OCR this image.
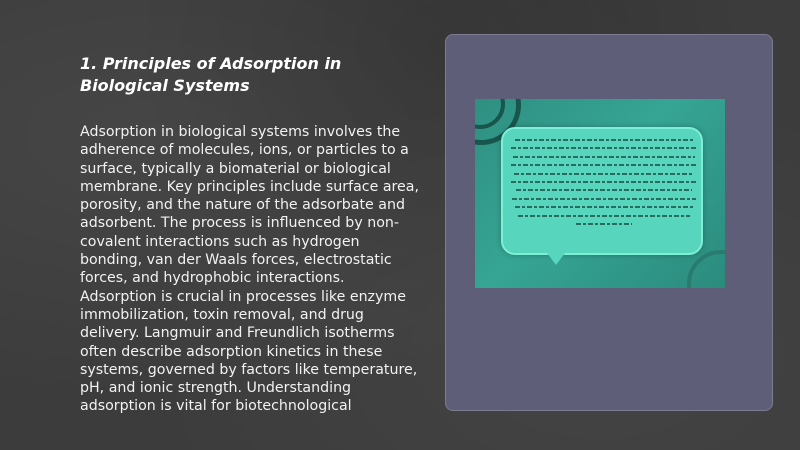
1. Principles of Adsorption in Biological Systems

Adsorption in biological systems involves the adherence of molecules, ions, or particles to a surface, typically a biomaterial or biological membrane. Key principles include surface area, porosity, and the nature of the adsorbate and adsorbent. The process is influenced by non-covalent interactions such as hydrogen bonding, van der Waals forces, electrostatic forces, and hydrophobic interactions. Adsorption is crucial in processes like enzyme immobilization, toxin removal, and drug delivery. Langmuir and Freundlich isotherms often describe adsorption kinetics in these systems, governed by factors like temperature, pH, and ionic strength. Understanding adsorption is vital for biotechnological
